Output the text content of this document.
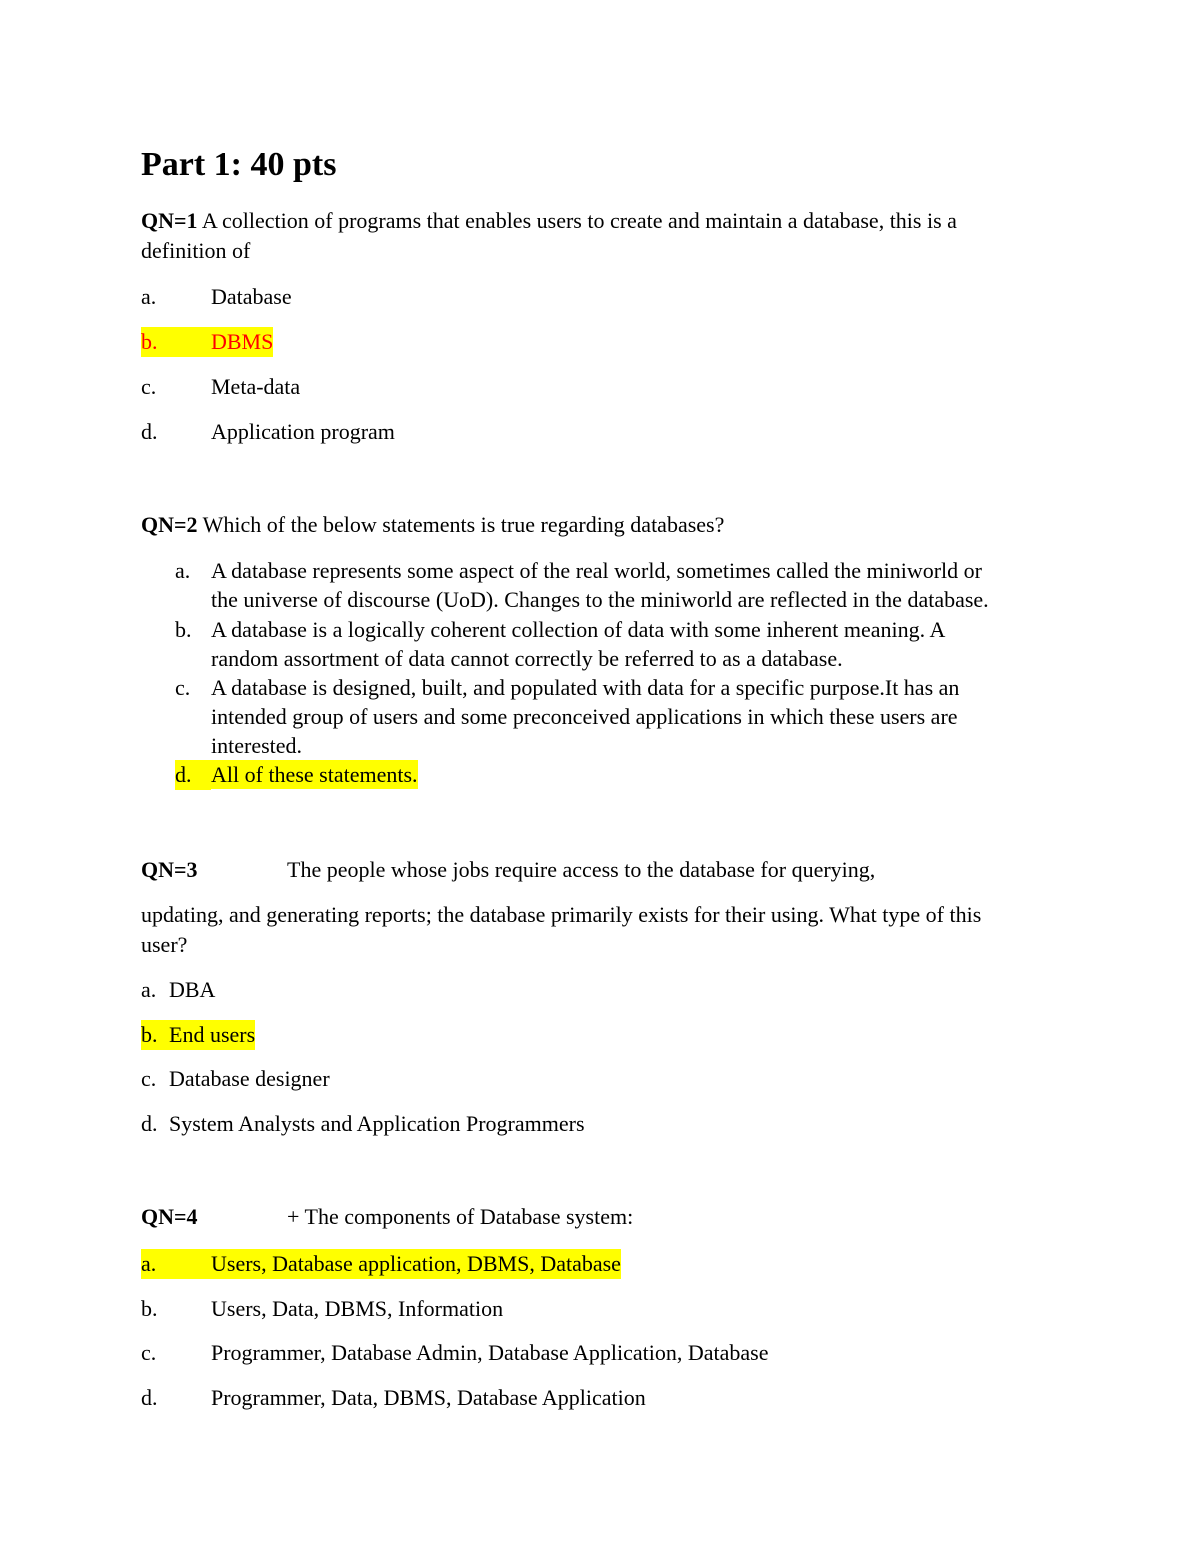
Part 1: 40 pts
QN=1 A collection of programs that enables users to create and maintain a database, this is a
definition of
a. Database
b.	DBMS
c. Meta-data
d. Application program
QN=2 Which of the below statements is true regarding databases?
a. A database represents some aspect of the real world, sometimes called the miniworld or
the universe of discourse (UoD). Changes to the miniworld are reflected in the database.
b. A database is a logically coherent collection of data with some inherent meaning. A
random assortment of data cannot correctly be referred to as a database.
c. A database is designed, built, and populated with data for a specific purpose.It has an
intended group of users and some preconceived applications in which these users are
interested.
d. All of these statements.
QN=3	The people whose jobs require access to the database for querying,
updating, and generating reports; the database primarily exists for their using. What type of this
user?
a. DBA
b. End users
c. Database designer
d. System Analysts and Application Programmers
QN=4	+ The components of Database system:
a.	Users, Database application, DBMS, Database
b. Users, Data, DBMS, Information
c. Programmer, Database Admin, Database Application, Database
d. Programmer, Data, DBMS, Database Application
